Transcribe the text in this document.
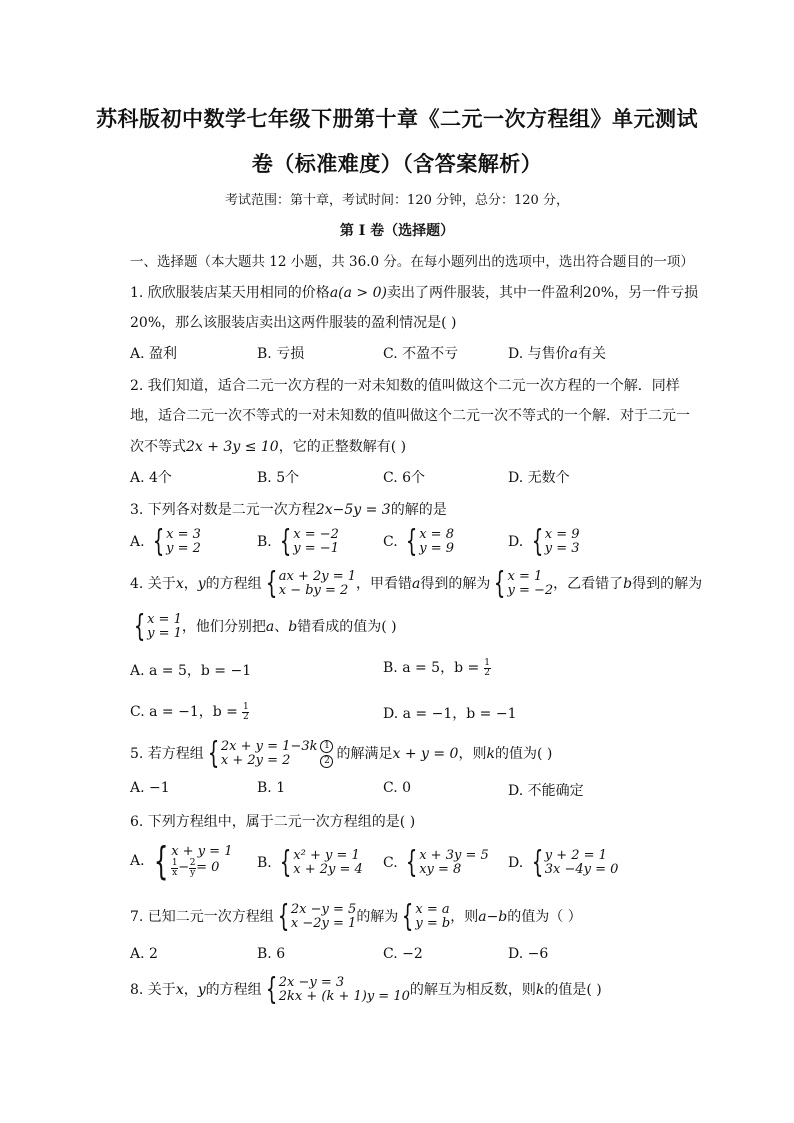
苏科版初中数学七年级下册第十章《二元一次方程组》单元测试
卷（标准难度）（含答案解析）
考试范围：第十章，考试时间：120 分钟，总分：120 分，
第 I 卷（选择题）
一、选择题（本大题共 12 小题，共 36.0 分。在每小题列出的选项中，选出符合题目的一项）
1. 欣欣服装店某天用相同的价格a(a > 0)卖出了两件服装，其中一件盈利20%，另一件亏损
20%，那么该服装店卖出这两件服装的盈利情况是( )
A. 盈利	B. 亏损	C. 不盈不亏	D. 与售价a有关
2. 我们知道，适合二元一次方程的一对未知数的值叫做这个二元一次方程的一个解．同样
地，适合二元一次不等式的一对未知数的值叫做这个二元一次不等式的一个解．对于二元一
次不等式2x + 3y ≤ 10，它的正整数解有( )
A. 4个	B. 5个	C. 6个	D. 无数个
3. 下列各对数是二元一次方程2x−5y = 3的解的是
A. { x = 3
y = 2	B. { x = −2
y = −1	C. { x = 8
y = 9	D. { x = 9
y = 3
4. 关于x，y的方程组 { ax + 2y = 1
x − by = 2 ，甲看错a得到的解为 { x = 1
y = −2 ，乙看错了b得到的解为
{ x = 1
y = 1 ，他们分别把a、b错看成的值为( )
A. a = 5，b = −1	B. a = 5，$b = \frac{1}{2}$
C. a = −1，$b = \frac{1}{2}$	D. a = −1，b = −1
5. 若方程组 { 2x + y = 1−3k
x + 2y = 2	$\frac{1}{2}$ 的解满足x + y = 0，则k的值为( )
A. −1	B. 1	C. 0	D. 不能确定
6. 下列方程组中，属于二元一次方程组的是( )
A. { x + y = 1
$\frac{1}{x} - \frac{2}{y} = 0$	B. { x² + y = 1
x + 2y = 4 C. { x + 3y = 5
xy = 8	D. { y + 2 = 1
3x −4y = 0
7. 已知二元一次方程组 { 2x −y = 5
x −2y = 1 的解为 { x = a
y = b ，则a−b的值为（ ）
A. 2	B. 6	C. −2	D. −6
8. 关于x，y的方程组 { 2x −y = 3
2kx + (k + 1)y = 10 的解互为相反数，则k的值是( )
